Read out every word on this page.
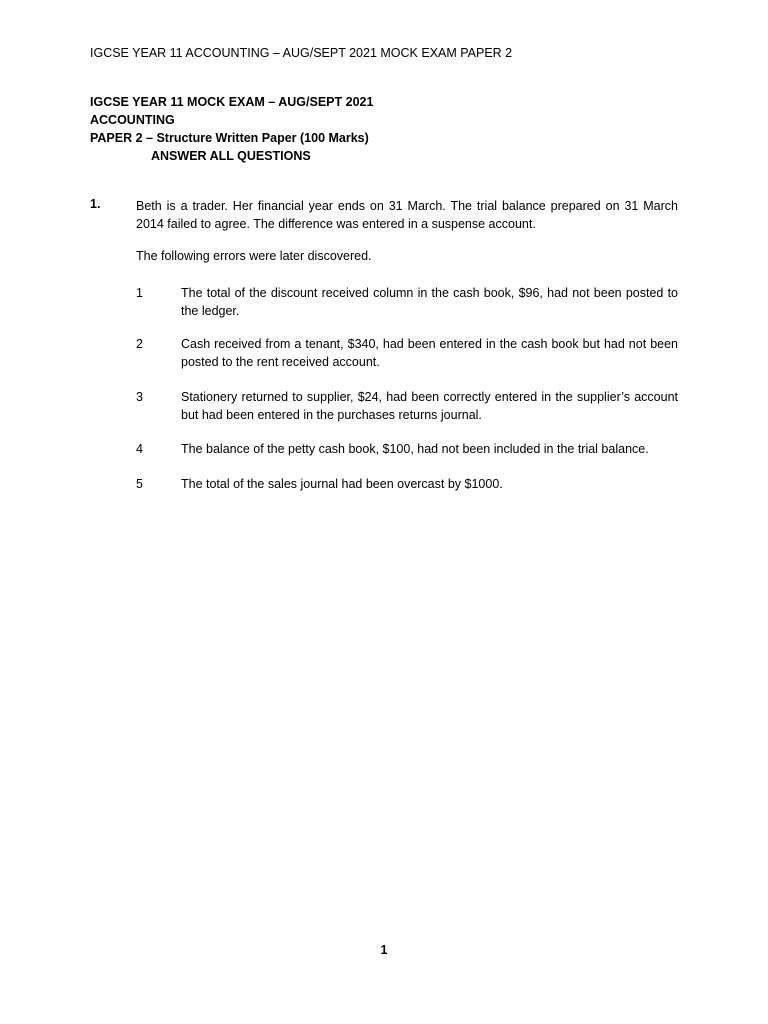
IGCSE YEAR 11 ACCOUNTING – AUG/SEPT 2021 MOCK EXAM PAPER 2
IGCSE YEAR 11 MOCK EXAM – AUG/SEPT 2021
ACCOUNTING
PAPER 2 – Structure Written Paper (100 Marks)
ANSWER ALL QUESTIONS
1.	Beth is a trader. Her financial year ends on 31 March. The trial balance prepared on 31 March 2014 failed to agree. The difference was entered in a suspense account.
The following errors were later discovered.
1	The total of the discount received column in the cash book, $96, had not been posted to the ledger.
2	Cash received from a tenant, $340, had been entered in the cash book but had not been posted to the rent received account.
3	Stationery returned to supplier, $24, had been correctly entered in the supplier’s account but had been entered in the purchases returns journal.
4	The balance of the petty cash book, $100, had not been included in the trial balance.
5	The total of the sales journal had been overcast by $1000.
1
